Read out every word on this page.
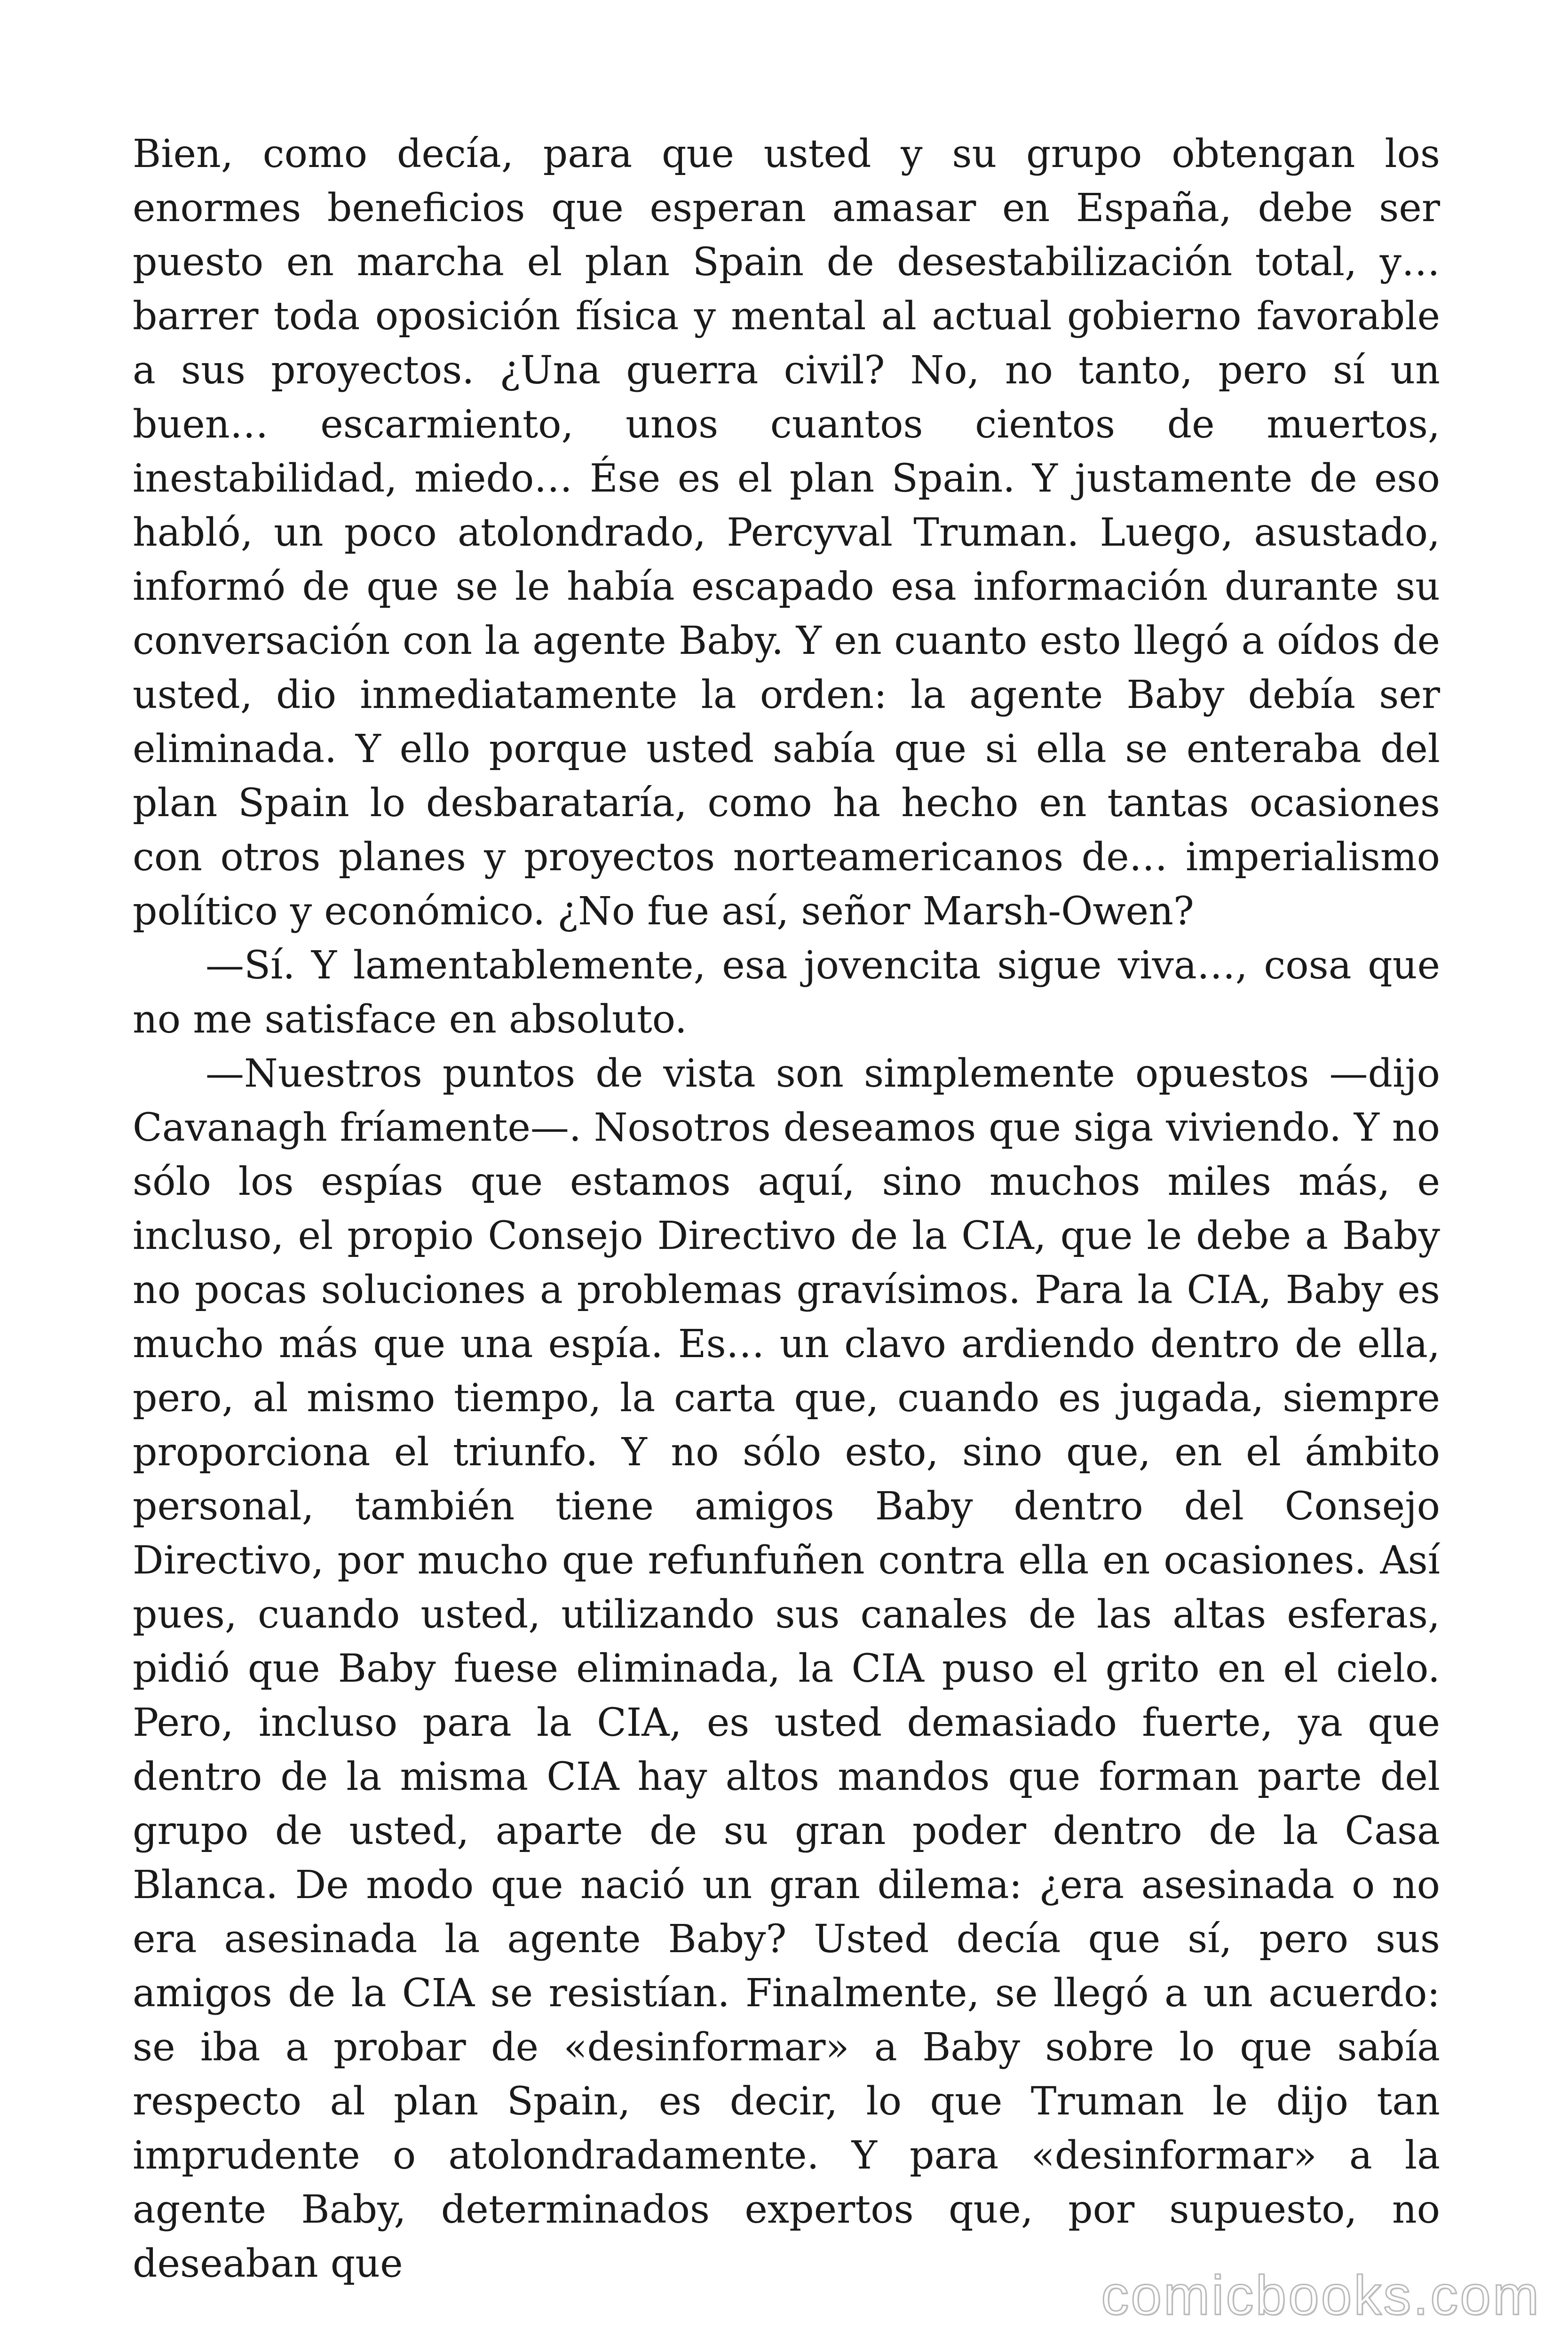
Bien, como decía, para que usted y su grupo obtengan los enormes beneficios que esperan amasar en España, debe ser puesto en marcha el plan Spain de desestabilización total, y… barrer toda oposición física y mental al actual gobierno favorable a sus proyectos. ¿Una guerra civil? No, no tanto, pero sí un buen… escarmiento, unos cuantos cientos de muertos, inestabilidad, miedo… Ése es el plan Spain. Y justamente de eso habló, un poco atolondrado, Percyval Truman. Luego, asustado, informó de que se le había escapado esa información durante su conversación con la agente Baby. Y en cuanto esto llegó a oídos de usted, dio inmediatamente la orden: la agente Baby debía ser eliminada. Y ello porque usted sabía que si ella se enteraba del plan Spain lo desbarataría, como ha hecho en tantas ocasiones con otros planes y proyectos norteamericanos de… imperialismo político y económico. ¿No fue así, señor Marsh-Owen?

—Sí. Y lamentablemente, esa jovencita sigue viva…, cosa que no me satisface en absoluto.

—Nuestros puntos de vista son simplemente opuestos —dijo Cavanagh fríamente—. Nosotros deseamos que siga viviendo. Y no sólo los espías que estamos aquí, sino muchos miles más, e incluso, el propio Consejo Directivo de la CIA, que le debe a Baby no pocas soluciones a problemas gravísimos. Para la CIA, Baby es mucho más que una espía. Es… un clavo ardiendo dentro de ella, pero, al mismo tiempo, la carta que, cuando es jugada, siempre proporciona el triunfo. Y no sólo esto, sino que, en el ámbito personal, también tiene amigos Baby dentro del Consejo Directivo, por mucho que refunfuñen contra ella en ocasiones. Así pues, cuando usted, utilizando sus canales de las altas esferas, pidió que Baby fuese eliminada, la CIA puso el grito en el cielo. Pero, incluso para la CIA, es usted demasiado fuerte, ya que dentro de la misma CIA hay altos mandos que forman parte del grupo de usted, aparte de su gran poder dentro de la Casa Blanca. De modo que nació un gran dilema: ¿era asesinada o no era asesinada la agente Baby? Usted decía que sí, pero sus amigos de la CIA se resistían. Finalmente, se llegó a un acuerdo: se iba a probar de «desinformar» a Baby sobre lo que sabía respecto al plan Spain, es decir, lo que Truman le dijo tan imprudente o atolondradamente. Y para «desinformar» a la agente Baby, determinados expertos que, por supuesto, no deseaban que

comicbooks.com
